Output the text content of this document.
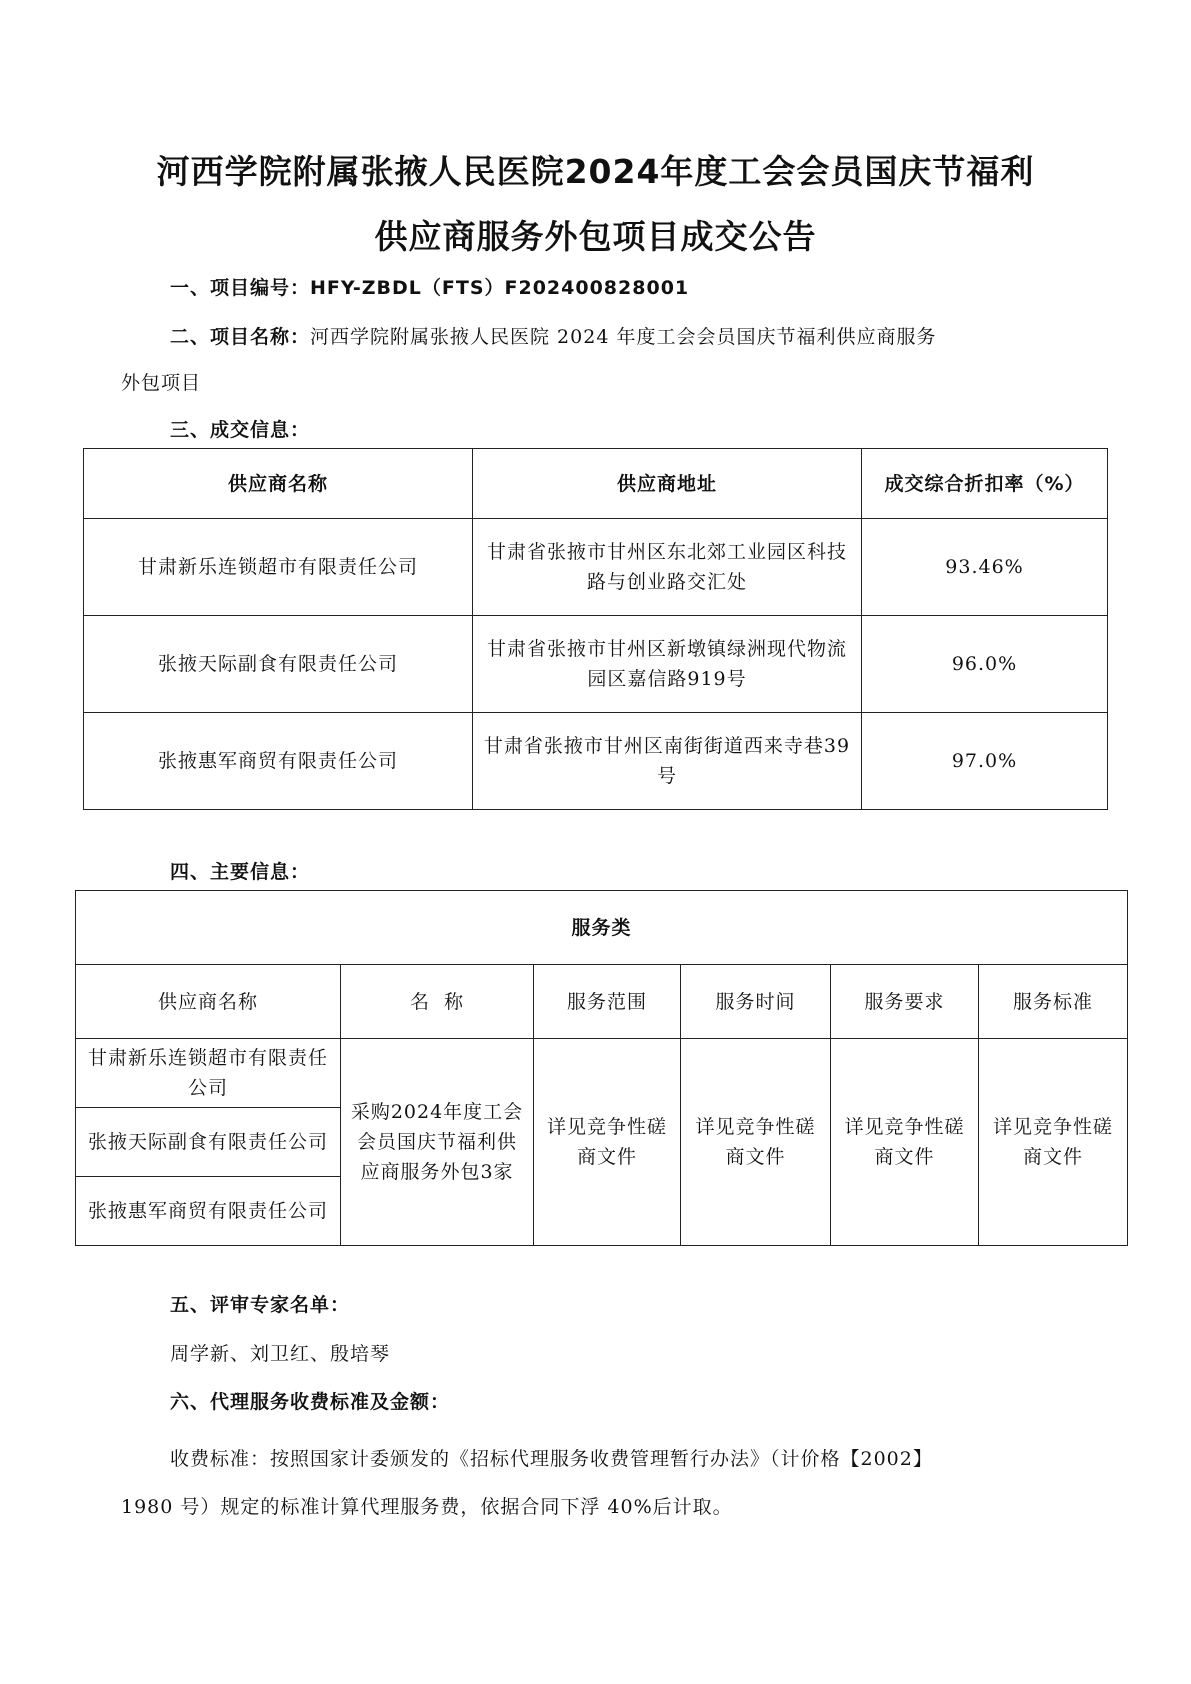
河西学院附属张掖人民医院2024年度工会会员国庆节福利
供应商服务外包项目成交公告
一、项目编号：HFY-ZBDL（FTS）F202400828001
二、项目名称：河西学院附属张掖人民医院 2024 年度工会会员国庆节福利供应商服务
外包项目
三、成交信息：
供应商名称	供应商地址	成交综合折扣率（%）
甘肃新乐连锁超市有限责任公司	甘肃省张掖市甘州区东北郊工业园区科技路与创业路交汇处	93.46%
张掖天际副食有限责任公司	甘肃省张掖市甘州区新墩镇绿洲现代物流园区嘉信路919号	96.0%
张掖惠军商贸有限责任公司	甘肃省张掖市甘州区南街街道西来寺巷39号	97.0%
四、主要信息：
服务类					
供应商名称	名  称	服务范围	服务时间	服务要求	服务标准
甘肃新乐连锁超市有限责任公司	采购2024年度工会会员国庆节福利供应商服务外包3家	详见竞争性磋商文件	详见竞争性磋商文件	详见竞争性磋商文件	详见竞争性磋商文件
张掖天际副食有限责任公司					
张掖惠军商贸有限责任公司					
五、评审专家名单：
周学新、刘卫红、殷培琴
六、代理服务收费标准及金额：
收费标准：按照国家计委颁发的《招标代理服务收费管理暂行办法》（计价格【2002】
1980 号）规定的标准计算代理服务费，依据合同下浮 40%后计取。
